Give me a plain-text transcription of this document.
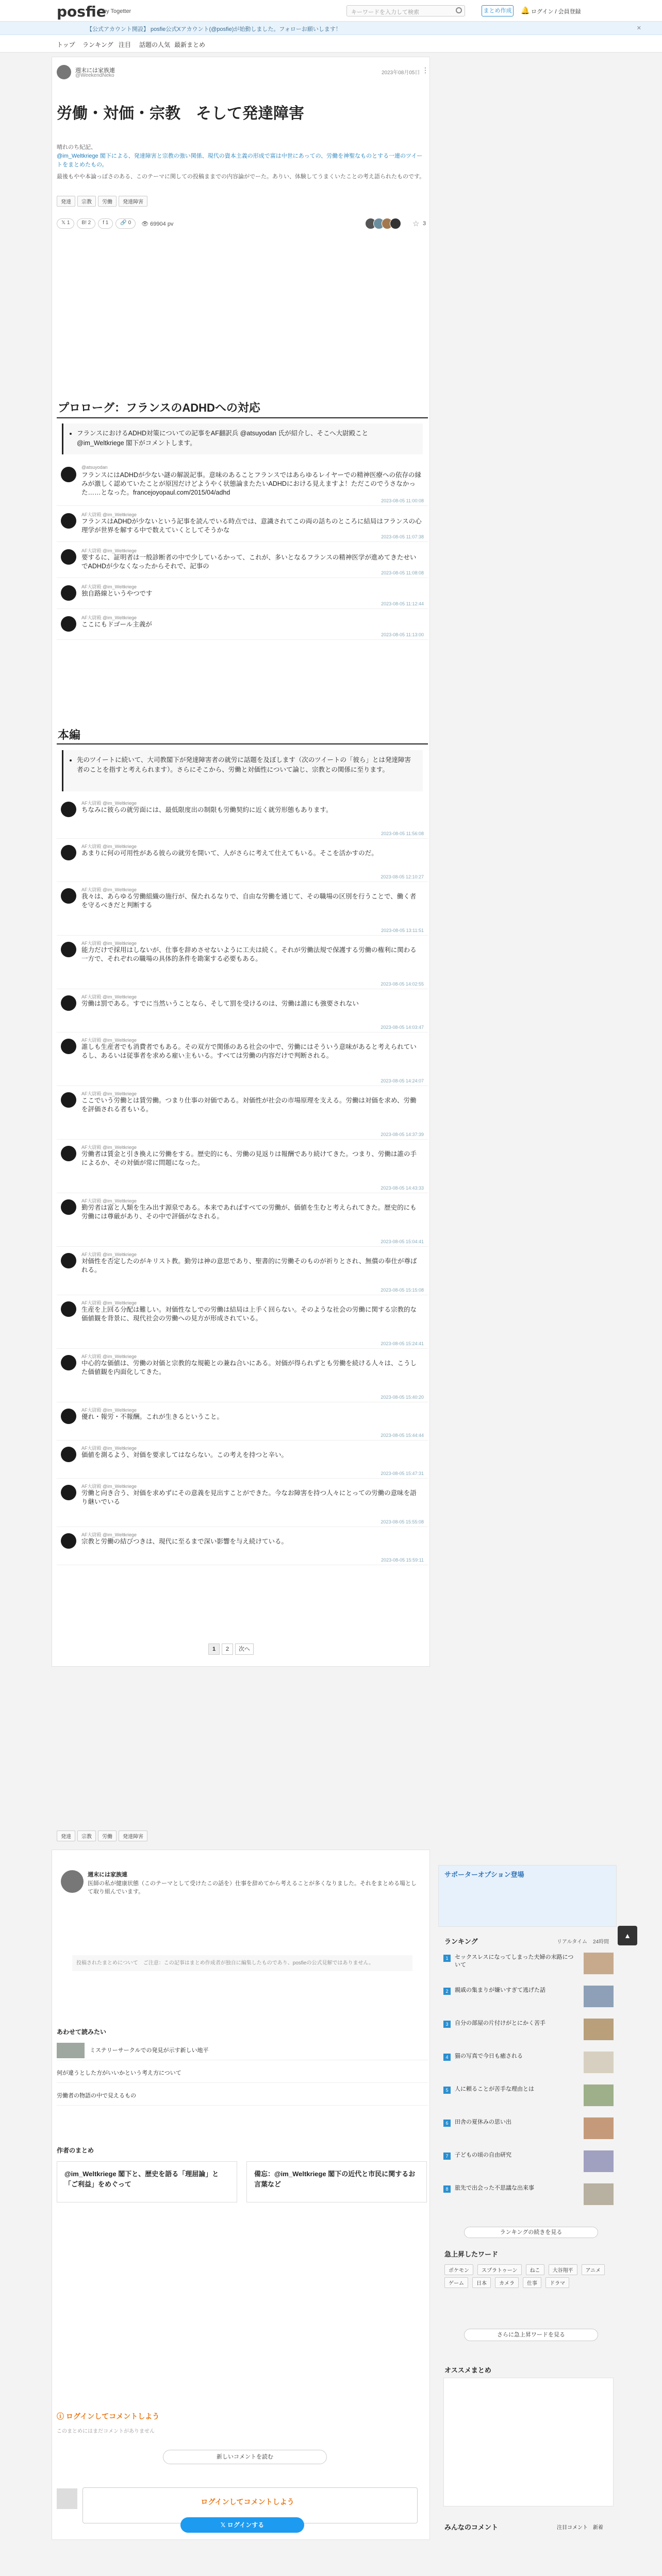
posfie
by Togetter	キーワードを入力して検索	まとめ作成 🔔 ログイン / 会員登録
【公式アカウント開設】 posfie公式Xアカウント(@posfie)が始動しました。フォローお願いします！	✕
トップ ランキング 注目 話題の人気 最新まとめ
週末には家族連
@WeekendNeko	2023年08月05日 ⋮
労働・対価・宗教　そして発達障害
晴れのち紀記、
@im_Weltkriege 閣下による、発達障害と宗教の強い関係、現代の資本主義の形成で富は中世にあっての、労働を神聖なものとする一連のツイートをまとめたもの。
最後もやや本論っぽさのある、このテーマに関しての投稿ままでの内容論がでーた。ありい、体験してうまくいたことの考え語られたものです。
発達 宗教 労働 発達障害
𝕏 1	B! 2	f 1	🔗 0	👁 69904 pv	☆ 3
プロローグ：フランスのADHDへの対応
• フランスにおけるADHD対策についての記事をAF翻訳兵 @atsuyodan 氏が紹介し、そこへ大尉殿こと @im_Weltkriege 閣下がコメントします。
@atsuyodan
フランスにはADHDが少ない謎の解説記事。意味のあることフランスではあらゆるレイヤーでの精神医療への依存の縁みが激しく認めていたことが原因だけどようやく状態論またたいADHDにおける見えますよ！ただこのでうさなかった……となった。francejoyopaul.com/2015/04/adhd
2023-08-05 11:00:08
AF大尉殿 @im_Weltkriege
フランスはADHDが少ないという記事を読んでいる時点では、意識されてこの両の話ちのところに結局はフランスの心理学が世界を解する中で数えていくとしてそうかな
2023-08-05 11:07:38
AF大尉殿 @im_Weltkriege
要するに、証明者は一般診断者の中で少しているかって、これが、多いとなるフランスの精神医学が進めてきたせいでADHDが少なくなったからそれで、記事の
2023-08-05 11:08:08
AF大尉殿 @im_Weltkriege
独自路線というやつです
2023-08-05 11:12:44
AF大尉殿 @im_Weltkriege
ここにもドゴール主義が
2023-08-05 11:13:00
本編
• 先のツイートに続いて、大司教閣下が発達障害者の就労に話題を及ぼします（次のツイートの「彼ら」とは発達障害者のことを指すと考えられます）。さらにそこから、労働と対価性について論じ、宗教との関係に至ります。
AF大尉殿 @im_Weltkriege
ちなみに彼らの就労面には、最低限度出の制限も労働契約に近く就労形態もあります。
2023-08-05 11:56:08
AF大尉殿 @im_Weltkriege
あまりに何の可用性がある彼らの就労を開いて、人がさらに考えて仕えてもいる。そこを活かすのだ。
2023-08-05 12:10:27
AF大尉殿 @im_Weltkriege
我々は、あらゆる労働組織の施行が、保たれるなりで、自由な労働を通じて、その職場の区別を行うことで、働く者を守るべきだと判断する
2023-08-05 13:11:51
AF大尉殿 @im_Weltkriege
能力だけで採用はしないが、仕事を辞めさせないように工夫は続く。それが労働法規で保護する労働の権利に関わる一方で、それぞれの職場の具体的条件を勘案する必要もある。
2023-08-05 14:02:55
AF大尉殿 @im_Weltkriege
労働は罰である。すでに当然いうことなら、そして罰を受けるのは、労働は誰にも強要されない
2023-08-05 14:03:47
AF大尉殿 @im_Weltkriege
誰しも生産者でも消費者でもある。その双方で関係のある社会の中で、労働にはそういう意味があると考えられているし、あるいは従事者を求める雇い主もいる。すべては労働の内容だけで判断される。
2023-08-05 14:24:07
AF大尉殿 @im_Weltkriege
ここでいう労働とは賃労働。つまり仕事の対価である。対価性が社会の市場原理を支える。労働は対価を求め、労働を評価される者もいる。
2023-08-05 14:37:39
AF大尉殿 @im_Weltkriege
労働者は賃金と引き換えに労働をする。歴史的にも、労働の見返りは報酬であり続けてきた。つまり、労働は誰の手によるか、その対価が常に問題になった。
2023-08-05 14:43:33
AF大尉殿 @im_Weltkriege
勤労者は富と人類を生み出す源泉である。本来であればすべての労働が、価値を生むと考えられてきた。歴史的にも労働には尊厳があり、その中で評価がなされる。
2023-08-05 15:04:41
AF大尉殿 @im_Weltkriege
対価性を否定したのがキリスト教。勤労は神の意思であり、聖書的に労働そのものが祈りとされ、無償の奉仕が尊ばれる。
2023-08-05 15:15:08
AF大尉殿 @im_Weltkriege
生産を上回る分配は難しい。対価性なしでの労働は結局は上手く回らない。そのような社会の労働に関する宗教的な価値観を背景に、現代社会の労働への見方が形成されている。
2023-08-05 15:24:41
AF大尉殿 @im_Weltkriege
中心的な価値は、労働の対価と宗教的な規範との兼ね合いにある。対価が得られずとも労働を続ける人々は、こうした価値観を内面化してきた。
2023-08-05 15:40:20
AF大尉殿 @im_Weltkriege
優れ・報労・不報酬。これが生きるということ。
2023-08-05 15:44:44
AF大尉殿 @im_Weltkriege
価値を測るよう、対価を要求してはならない。この考えを持つと辛い。
2023-08-05 15:47:31
AF大尉殿 @im_Weltkriege
労働と向き合う、対価を求めずにその意義を見出すことができた。今なお障害を持つ人々にとっての労働の意味を語り継いでいる
2023-08-05 15:55:08
AF大尉殿 @im_Weltkriege
宗教と労働の結びつきは、現代に至るまで深い影響を与え続けている。
2023-08-05 15:59:11
1	2	次へ
発達 宗教 労働 発達障害
週末には家族連
医師の私が健康状態（このテーマとして受けたこの話を）仕事を辞めてから考えることが多くなりました。それをまとめる場として取り組んでいます。
投稿されたまとめについて　ご注意：この記事はまとめ作成者が独自に編集したものであり、posfieの公式見解ではありません。
あわせて読みたい
ミステリーサークルでの発見が示す新しい地平
何が違うとした方がいいかという考え方について
労働者の物語の中で見えるもの
作者のまとめ
@im_Weltkriege 閣下と、歴史を語る「理屈論」と「ご利益」をめぐって
備忘：@im_Weltkriege 閣下の近代と市民に関するお言葉など
ⓘ ログインしてコメントしよう
このまとめにはまだコメントがありません
新しいコメントを読む
ログインしてコメントしよう
𝕏 ログインする
サポーターオプション登場
ランキング	リアルタイム 24時間
1	セックスレスになってしまった夫婦の末路について
2	親戚の集まりが嫌いすぎて逃げた話
3	自分の部屋の片付けがとにかく苦手
4	猫の写真で今日も癒される
5	人に頼ることが苦手な理由とは
6	田舎の夏休みの思い出
7	子どもの頃の自由研究
8	旅先で出会った不思議な出来事
ランキングの続きを見る
急上昇したワード
ポケモン	スプラトゥーン	ねこ	大谷翔平	アニメ
ゲーム	日本	カメラ	仕事	ドラマ
さらに急上昇ワードを見る
オススメまとめ
みんなのコメント	注目コメント 新着
▲
